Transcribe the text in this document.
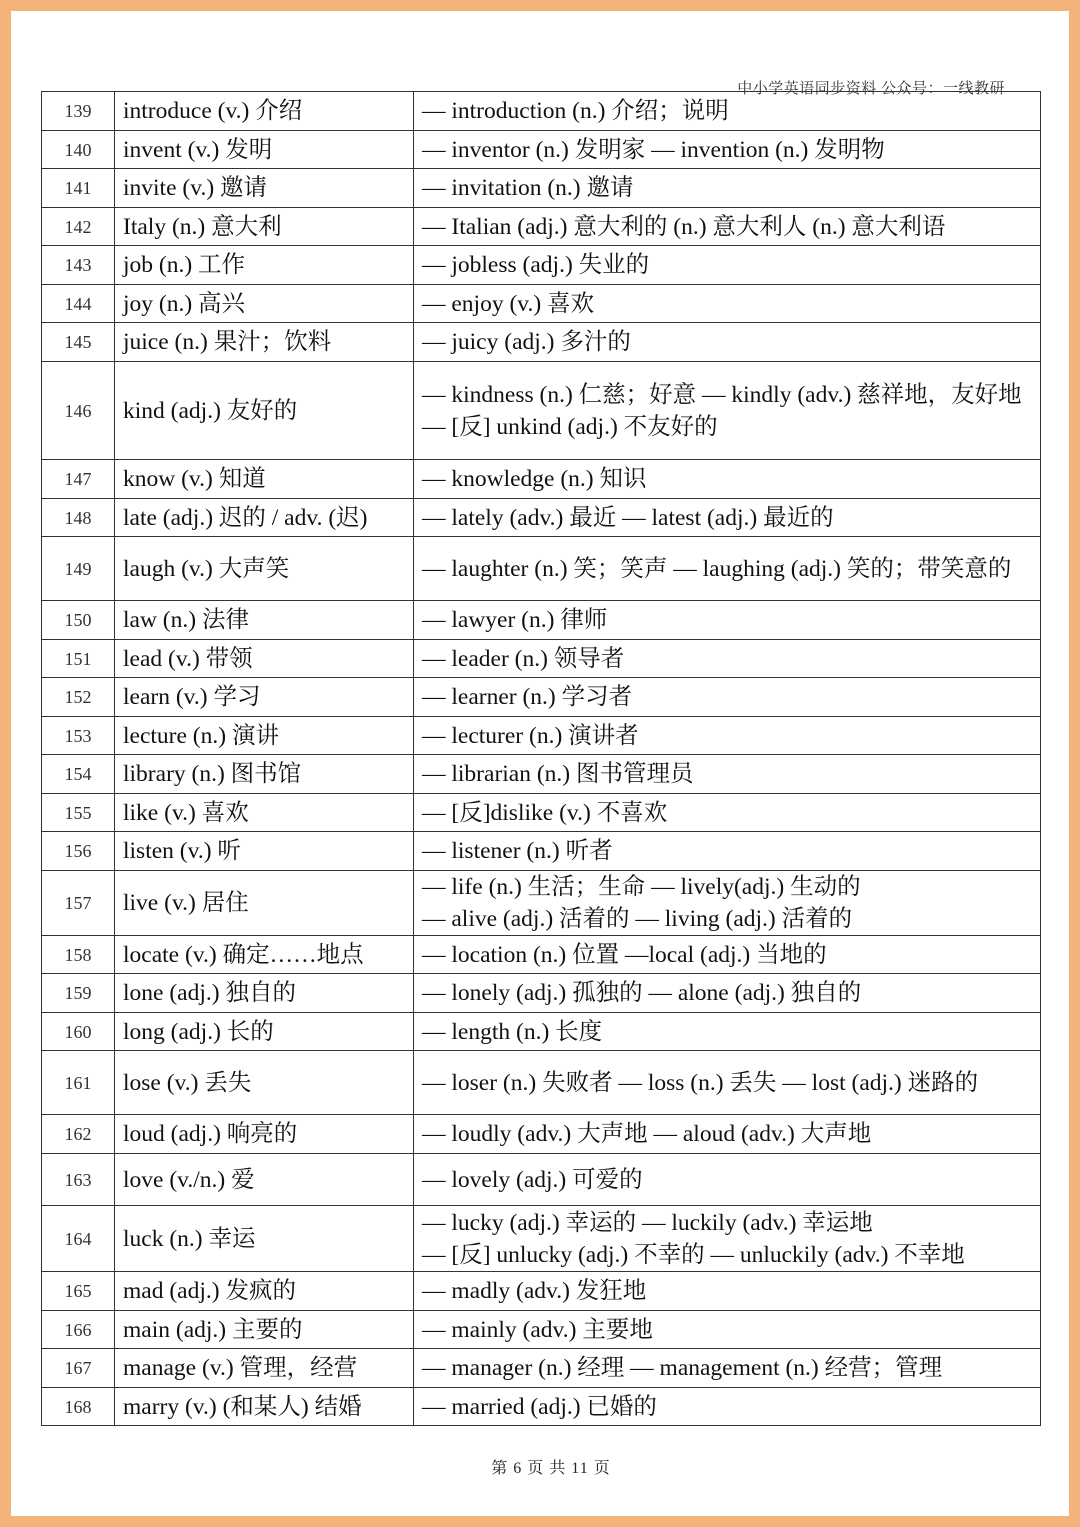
中小学英语同步资料 公众号：一线教研
139	introduce (v.) 介绍	— introduction (n.) 介绍；说明

140	invent (v.) 发明	— inventor (n.) 发明家 — invention (n.) 发明物

141	invite (v.) 邀请	— invitation (n.) 邀请

142	Italy (n.) 意大利	— Italian (adj.) 意大利的 (n.) 意大利人 (n.) 意大利语

143	job (n.) 工作	— jobless (adj.) 失业的

144	joy (n.) 高兴	— enjoy (v.) 喜欢

145	juice (n.) 果汁；饮料	— juicy (adj.) 多汁的

146	kind (adj.) 友好的	— kindness (n.) 仁慈；好意 — kindly (adv.) 慈祥地，友好地
— [反] unkind (adj.) 不友好的

147	know (v.) 知道	— knowledge (n.) 知识

148	late (adj.) 迟的 / adv. (迟)	— lately (adv.) 最近 — latest (adj.) 最近的

149	laugh (v.) 大声笑	— laughter (n.) 笑；笑声 — laughing (adj.) 笑的；带笑意的

150	law (n.) 法律	— lawyer (n.) 律师

151	lead (v.) 带领	— leader (n.) 领导者

152	learn (v.) 学习	— learner (n.) 学习者

153	lecture (n.) 演讲	— lecturer (n.) 演讲者

154	library (n.) 图书馆	— librarian (n.) 图书管理员

155	like (v.) 喜欢	— [反]dislike (v.) 不喜欢

156	listen (v.) 听	— listener (n.) 听者

157	live (v.) 居住	— life (n.) 生活；生命 — lively(adj.) 生动的
— alive (adj.) 活着的 — living (adj.) 活着的

158	locate (v.) 确定……地点	— location (n.) 位置 —local (adj.) 当地的

159	lone (adj.) 独自的	— lonely (adj.) 孤独的 — alone (adj.) 独自的

160	long (adj.) 长的	— length (n.) 长度

161	lose (v.) 丢失	— loser (n.) 失败者 — loss (n.) 丢失 — lost (adj.) 迷路的

162	loud (adj.) 响亮的	— loudly (adv.) 大声地 — aloud (adv.) 大声地

163	love (v./n.) 爱	— lovely (adj.) 可爱的

164	luck (n.) 幸运	— lucky (adj.) 幸运的 — luckily (adv.) 幸运地
— [反] unlucky (adj.) 不幸的 — unluckily (adv.) 不幸地

165	mad (adj.) 发疯的	— madly (adv.) 发狂地

166	main (adj.) 主要的	— mainly (adv.) 主要地

167	manage (v.) 管理，经营	— manager (n.) 经理 — management (n.) 经营；管理

168	marry (v.) (和某人) 结婚	— married (adj.) 已婚的
第 6 页 共 11 页
